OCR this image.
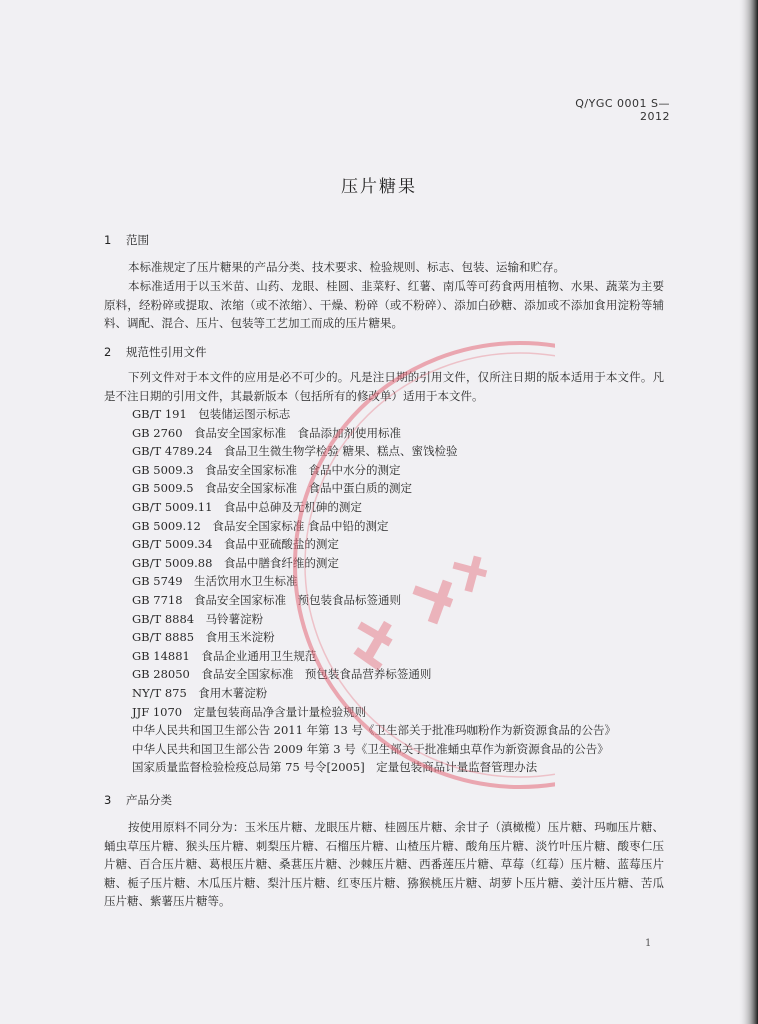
Q/YGC 0001 S—2012
压片糖果
1 范围
本标准规定了压片糖果的产品分类、技术要求、检验规则、标志、包装、运输和贮存。
本标准适用于以玉米苗、山药、龙眼、桂圆、韭菜籽、红薯、南瓜等可药食两用植物、水果、蔬菜为主要原料，经粉碎或提取、浓缩（或不浓缩）、干燥、粉碎（或不粉碎）、添加白砂糖、添加或不添加食用淀粉等辅料、调配、混合、压片、包装等工艺加工而成的压片糖果。
2 规范性引用文件
下列文件对于本文件的应用是必不可少的。凡是注日期的引用文件，仅所注日期的版本适用于本文件。凡是不注日期的引用文件，其最新版本（包括所有的修改单）适用于本文件。
GB/T 191　包装储运图示标志
GB 2760　食品安全国家标准　食品添加剂使用标准
GB/T 4789.24　食品卫生微生物学检验 糖果、糕点、蜜饯检验
GB 5009.3　食品安全国家标准　食品中水分的测定
GB 5009.5　食品安全国家标准　食品中蛋白质的测定
GB/T 5009.11　食品中总砷及无机砷的测定
GB 5009.12　食品安全国家标准 食品中铅的测定
GB/T 5009.34　食品中亚硫酸盐的测定
GB/T 5009.88　食品中膳食纤维的测定
GB 5749　生活饮用水卫生标准
GB 7718　食品安全国家标准　预包装食品标签通则
GB/T 8884　马铃薯淀粉
GB/T 8885　食用玉米淀粉
GB 14881　食品企业通用卫生规范
GB 28050　食品安全国家标准　预包装食品营养标签通则
NY/T 875　食用木薯淀粉
JJF 1070　定量包装商品净含量计量检验规则
中华人民共和国卫生部公告 2011 年第 13 号《卫生部关于批准玛咖粉作为新资源食品的公告》
中华人民共和国卫生部公告 2009 年第 3 号《卫生部关于批准蛹虫草作为新资源食品的公告》
国家质量监督检验检疫总局第 75 号令[2005]　定量包装商品计量监督管理办法
3 产品分类
按使用原料不同分为：玉米压片糖、龙眼压片糖、桂圆压片糖、余甘子（滇橄榄）压片糖、玛咖压片糖、蛹虫草压片糖、猴头压片糖、刺梨压片糖、石榴压片糖、山楂压片糖、酸角压片糖、淡竹叶压片糖、酸枣仁压片糖、百合压片糖、葛根压片糖、桑葚压片糖、沙棘压片糖、西番莲压片糖、草莓（红莓）压片糖、蓝莓压片糖、栀子压片糖、木瓜压片糖、梨汁压片糖、红枣压片糖、猕猴桃压片糖、胡萝卜压片糖、姜汁压片糖、苦瓜压片糖、紫薯压片糖等。
1
